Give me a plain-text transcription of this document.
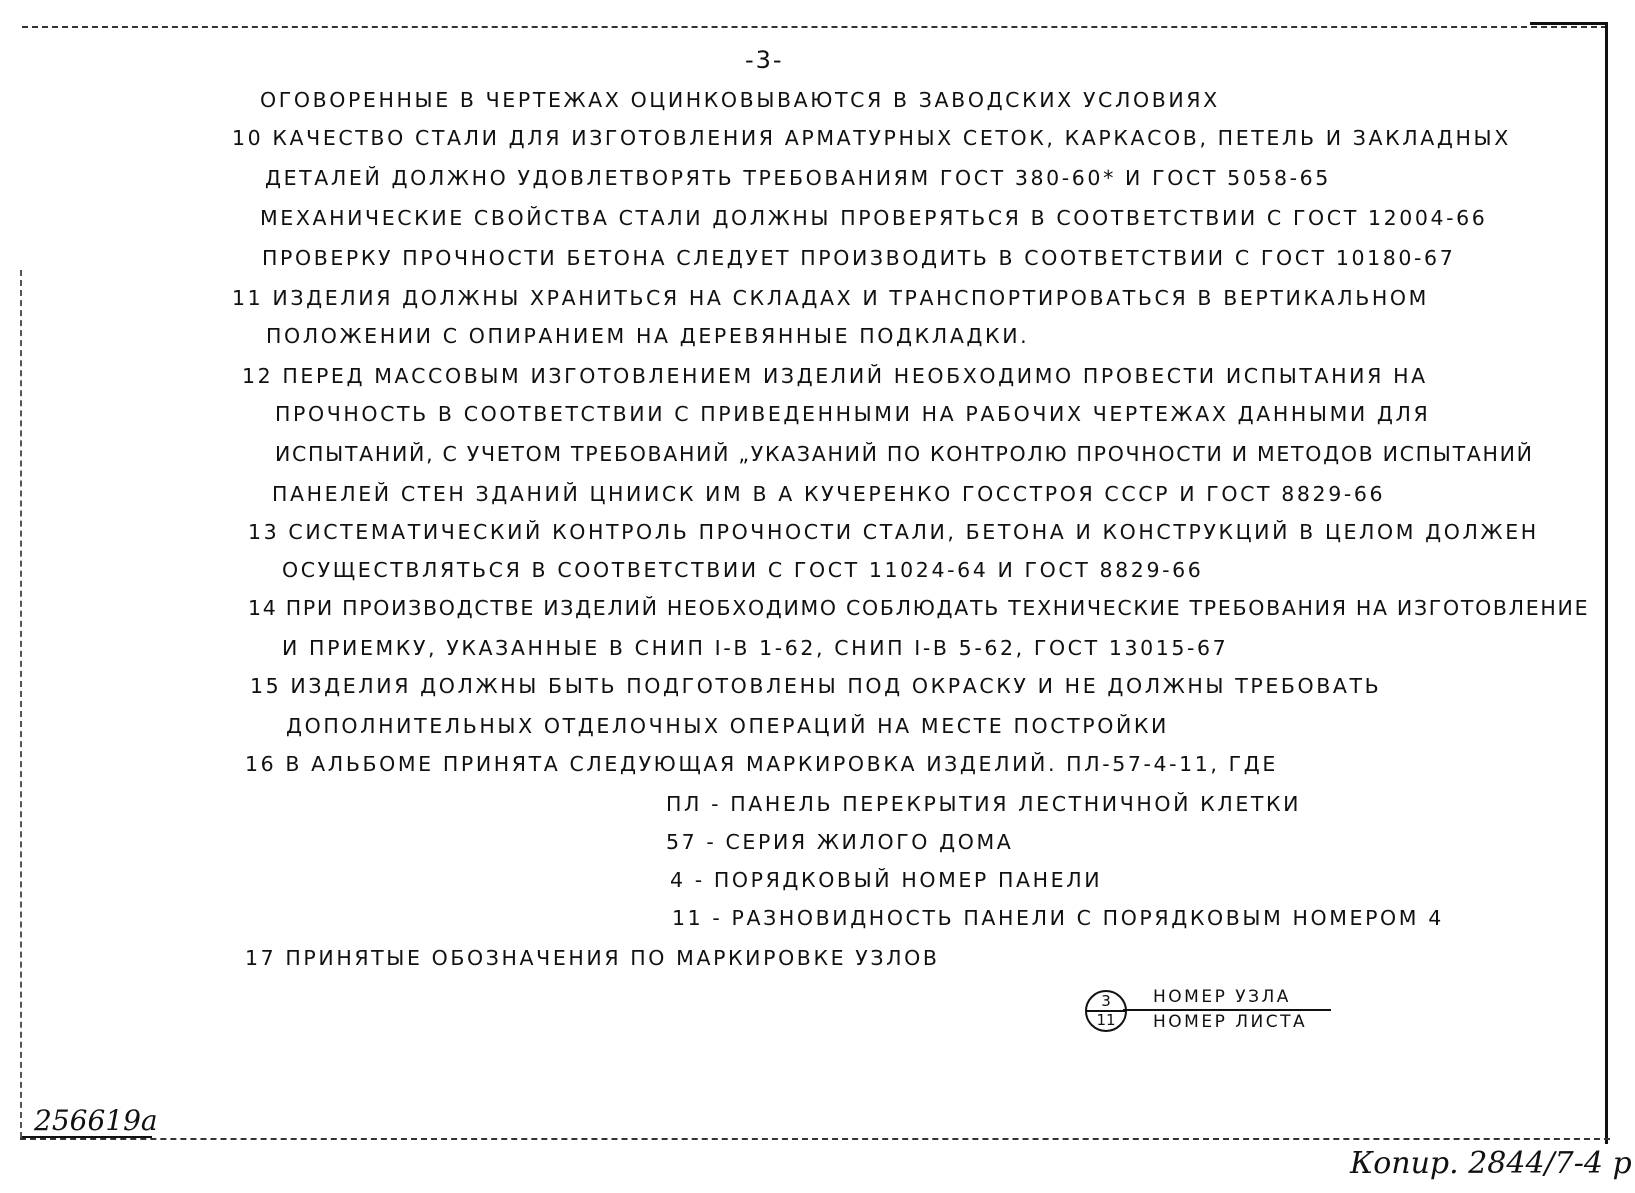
-3-
ОГОВОРЕННЫЕ В ЧЕРТЕЖАХ ОЦИНКОВЫВАЮТСЯ В ЗАВОДСКИХ УСЛОВИЯХ
10 КАЧЕСТВО СТАЛИ ДЛЯ ИЗГОТОВЛЕНИЯ АРМАТУРНЫХ СЕТОК, КАРКАСОВ, ПЕТЕЛЬ И ЗАКЛАДНЫХ
ДЕТАЛЕЙ ДОЛЖНО УДОВЛЕТВОРЯТЬ ТРЕБОВАНИЯМ ГОСТ 380-60* И ГОСТ 5058-65
МЕХАНИЧЕСКИЕ СВОЙСТВА СТАЛИ ДОЛЖНЫ ПРОВЕРЯТЬСЯ В СООТВЕТСТВИИ С ГОСТ 12004-66
ПРОВЕРКУ ПРОЧНОСТИ БЕТОНА СЛЕДУЕТ ПРОИЗВОДИТЬ В СООТВЕТСТВИИ С ГОСТ 10180-67
11 ИЗДЕЛИЯ ДОЛЖНЫ ХРАНИТЬСЯ НА СКЛАДАХ И ТРАНСПОРТИРОВАТЬСЯ В ВЕРТИКАЛЬНОМ
ПОЛОЖЕНИИ С ОПИРАНИЕМ НА ДЕРЕВЯННЫЕ ПОДКЛАДКИ.
12 ПЕРЕД МАССОВЫМ ИЗГОТОВЛЕНИЕМ ИЗДЕЛИЙ НЕОБХОДИМО ПРОВЕСТИ ИСПЫТАНИЯ НА
ПРОЧНОСТЬ В СООТВЕТСТВИИ С ПРИВЕДЕННЫМИ НА РАБОЧИХ ЧЕРТЕЖАХ ДАННЫМИ ДЛЯ
ИСПЫТАНИЙ, С УЧЕТОМ ТРЕБОВАНИЙ „УКАЗАНИЙ ПО КОНТРОЛЮ ПРОЧНОСТИ И МЕТОДОВ ИСПЫТАНИЙ
ПАНЕЛЕЙ СТЕН ЗДАНИЙ ЦНИИСК ИМ В А КУЧЕРЕНКО ГОССТРОЯ СССР И ГОСТ 8829-66
13 СИСТЕМАТИЧЕСКИЙ КОНТРОЛЬ ПРОЧНОСТИ СТАЛИ, БЕТОНА И КОНСТРУКЦИЙ В ЦЕЛОМ ДОЛЖЕН
ОСУЩЕСТВЛЯТЬСЯ В СООТВЕТСТВИИ С ГОСТ 11024-64 И ГОСТ 8829-66
14 ПРИ ПРОИЗВОДСТВЕ ИЗДЕЛИЙ НЕОБХОДИМО СОБЛЮДАТЬ ТЕХНИЧЕСКИЕ ТРЕБОВАНИЯ НА ИЗГОТОВЛЕНИЕ
И ПРИЕМКУ, УКАЗАННЫЕ В СНИП I-В 1-62, СНИП I-В 5-62, ГОСТ 13015-67
15 ИЗДЕЛИЯ ДОЛЖНЫ БЫТЬ ПОДГОТОВЛЕНЫ ПОД ОКРАСКУ И НЕ ДОЛЖНЫ ТРЕБОВАТЬ
ДОПОЛНИТЕЛЬНЫХ ОТДЕЛОЧНЫХ ОПЕРАЦИЙ НА МЕСТЕ ПОСТРОЙКИ
16 В АЛЬБОМЕ ПРИНЯТА СЛЕДУЮЩАЯ МАРКИРОВКА ИЗДЕЛИЙ. ПЛ-57-4-11, ГДЕ
ПЛ - ПАНЕЛЬ ПЕРЕКРЫТИЯ ЛЕСТНИЧНОЙ КЛЕТКИ
57 - СЕРИЯ ЖИЛОГО ДОМА
4 - ПОРЯДКОВЫЙ НОМЕР ПАНЕЛИ
11 - РАЗНОВИДНОСТЬ ПАНЕЛИ С ПОРЯДКОВЫМ НОМЕРОМ 4
17 ПРИНЯТЫЕ ОБОЗНАЧЕНИЯ ПО МАРКИРОВКЕ УЗЛОВ
3
11
НОМЕР УЗЛА
НОМЕР ЛИСТА
256619a
Копир. 2844/7-4 р
